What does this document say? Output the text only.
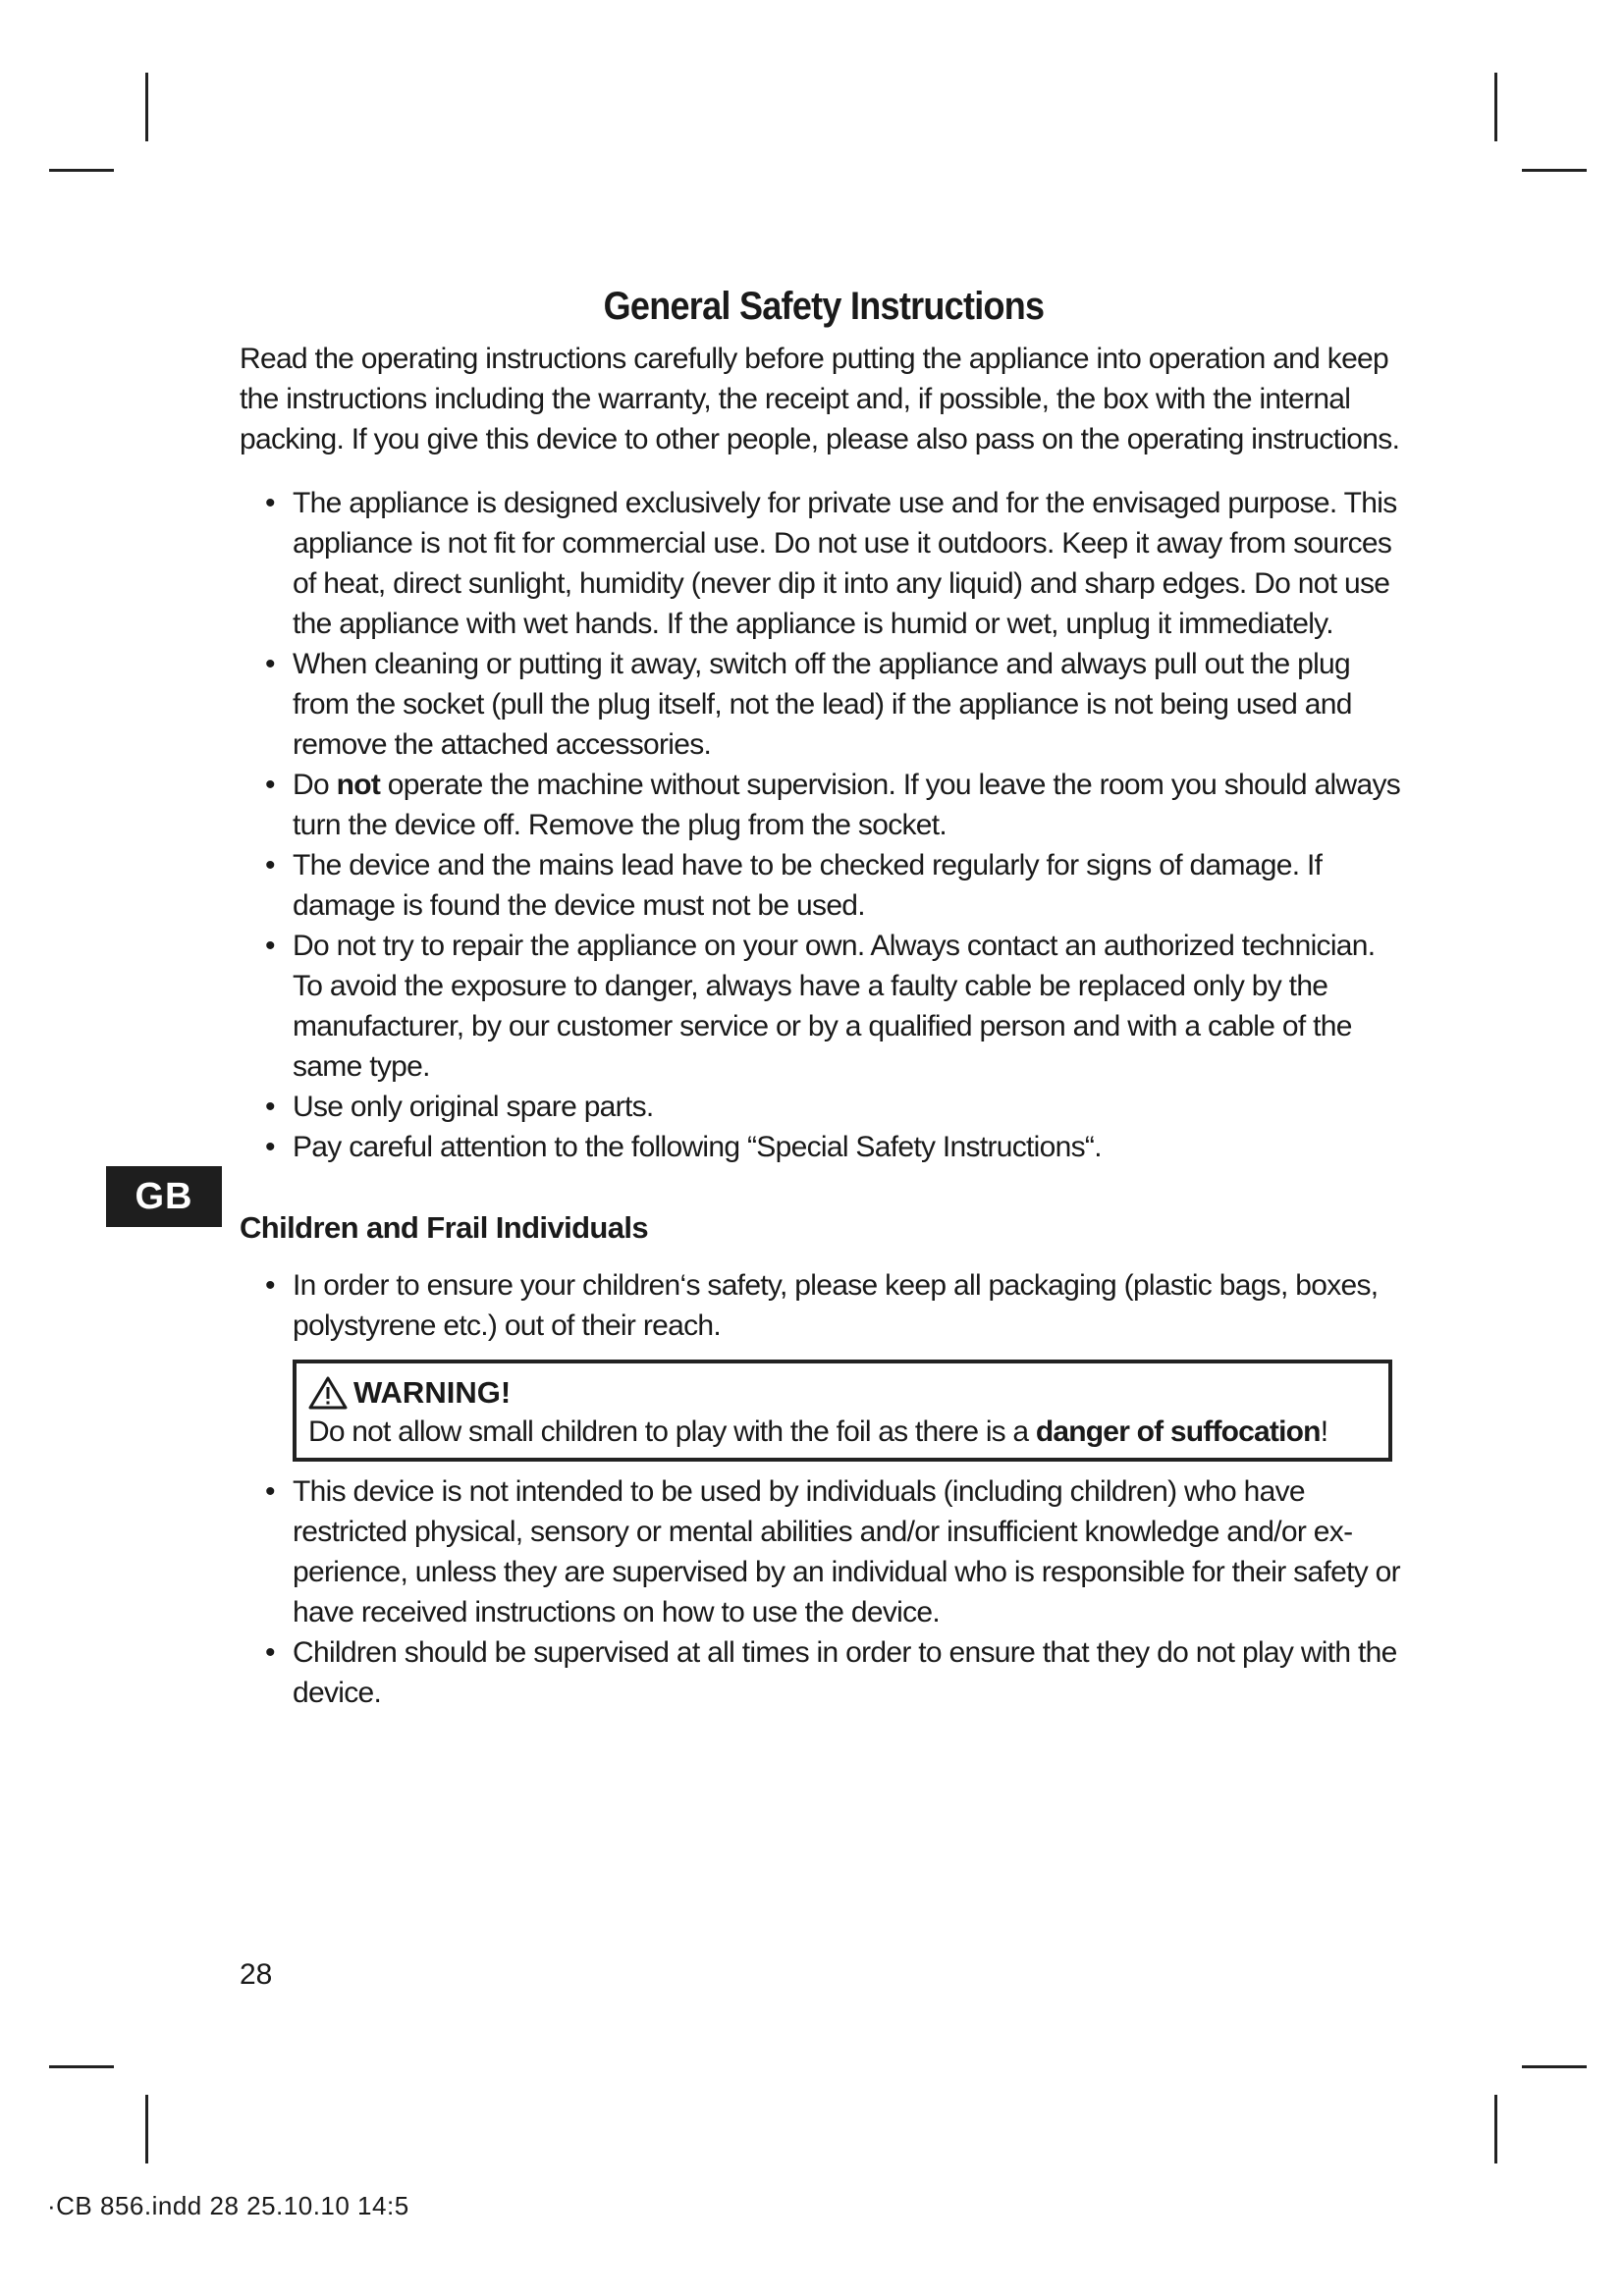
GB
General Safety Instructions

Read the operating instructions carefully before putting the appliance into operation and keep the instructions including the warranty, the receipt and, if possible, the box with the internal packing. If you give this device to other people, please also pass on the operating instructions.

• The appliance is designed exclusively for private use and for the envisaged purpose. This appliance is not fit for commercial use. Do not use it outdoors. Keep it away from sources of heat, direct sunlight, humidity (never dip it into any liquid) and sharp edges. Do not use the appliance with wet hands. If the appliance is humid or wet, unplug it immediately.
• When cleaning or putting it away, switch off the appliance and always pull out the plug from the socket (pull the plug itself, not the lead) if the appliance is not being used and remove the attached accessories.
• Do not operate the machine without supervision. If you leave the room you should always turn the device off. Remove the plug from the socket.
• The device and the mains lead have to be checked regularly for signs of damage. If damage is found the device must not be used.
• Do not try to repair the appliance on your own. Always contact an authorized technician. To avoid the exposure to danger, always have a faulty cable be replaced only by the manufacturer, by our customer service or by a qualified person and with a cable of the same type.
• Use only original spare parts.
• Pay careful attention to the following “Special Safety Instructions“.
Children and Frail Individuals
• In order to ensure your children‘s safety, please keep all packaging (plastic bags, boxes, polystyrene etc.) out of their reach.
WARNING!
Do not allow small children to play with the foil as there is a danger of suffocation!
• This device is not intended to be used by individuals (including children) who have restricted physical, sensory or mental abilities and/or insufficient knowledge and/or ex-perience, unless they are supervised by an individual who is responsible for their safety or have received instructions on how to use the device.
• Children should be supervised at all times in order to ensure that they do not play with the device.
28
·CB 856.indd 28 25.10.10 14:5
